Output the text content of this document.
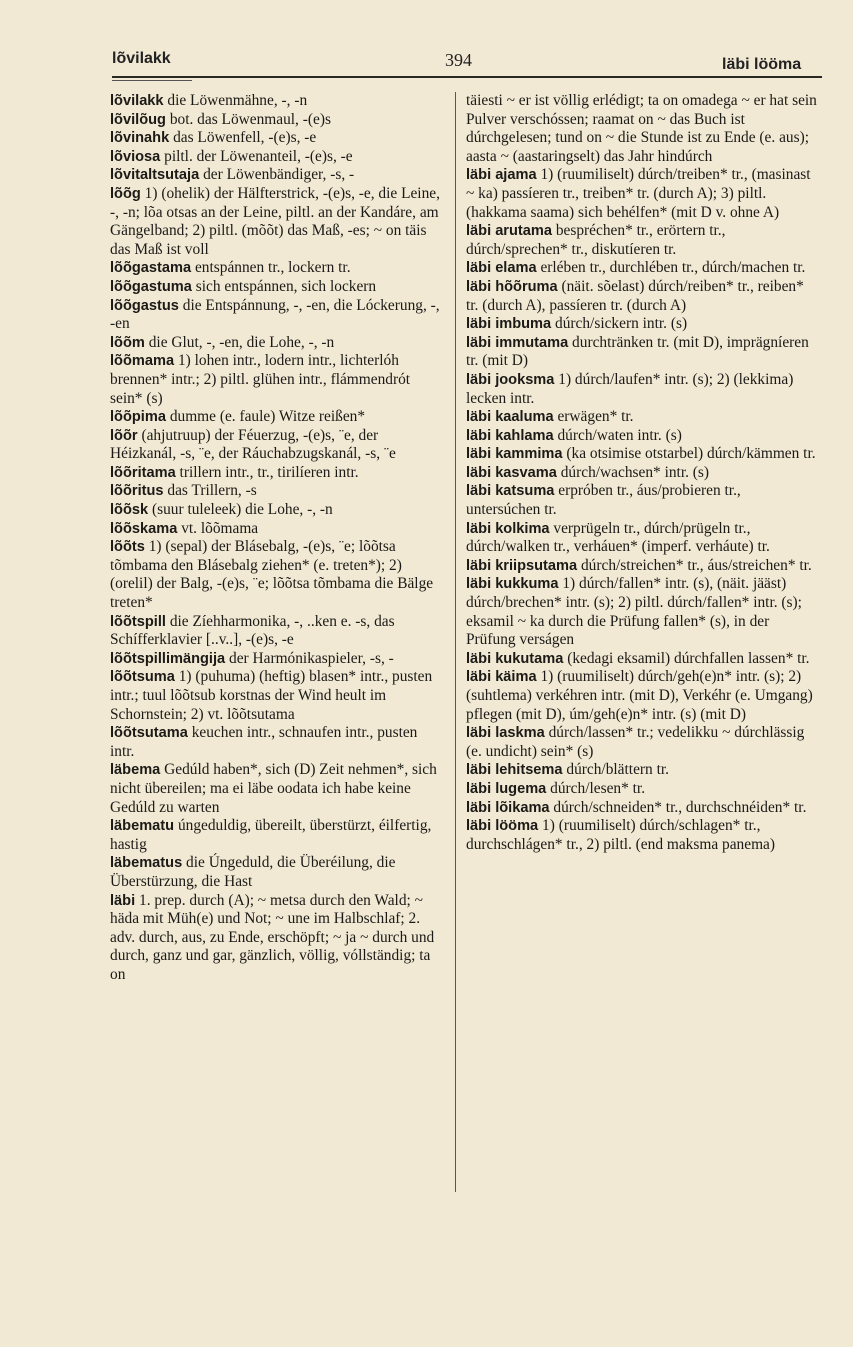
lõvilakk	394	läbi löömа

lõvilakk die Löwenmähne, -, -n

lõvilõug bot. das Löwenmaul, -(e)s

lõvinahk das Löwenfell, -(e)s, -e

lõviosa piltl. der Löwenanteil, -(e)s, -e

lõvitaltsutaja der Löwenbändiger, -s, -

lõõg 1) (ohelik) der Hälfterstrick, -(e)s, -e, die Leine, -, -n; lõa otsas an der Leine, piltl. an der Kandáre, am Gängelband; 2) piltl. (mõõt) das Maß, -es; ~ on täis das Maß ist voll

lõõgastama entspánnen tr., lockern tr.

lõõgastuma sich entspánnen, sich lockern

lõõgastus die Entspánnung, -, -en, die Lóckerung, -, -en

lõõm die Glut, -, -en, die Lohe, -, -n

lõõmama 1) lohen intr., lodern intr., lichterlóh brennen* intr.; 2) piltl. glühen intr., flámmendrót sein* (s)

lõõpima dumme (e. faule) Witze reißen*

lõõr (ahjutruup) der Féuerzug, -(e)s, ¨e, der Héizkanál, -s, ¨e, der Ráuchabzugskanál, -s, ¨e

lõõritama trillern intr., tr., tirilíeren intr.

lõõritus das Trillern, -s

lõõsk (suur tuleleek) die Lohe, -, -n

lõõskama vt. lõõmama

lõõts 1) (sepal) der Blásebalg, -(e)s, ¨e; lõõtsa tõmbama den Blásebalg ziehen* (e. treten*); 2) (orelil) der Balg, -(e)s, ¨e; lõõtsa tõmbama die Bälge treten*

lõõtspill die Zíehharmonika, -, ..ken e. -s, das Schífferklavier [..v..], -(e)s, -e

lõõtspillimängija der Harmónikaspieler, -s, -

lõõtsuma 1) (puhuma) (heftig) blasen* intr., pusten intr.; tuul lõõtsub korstnas der Wind heult im Schornstein; 2) vt. lõõtsutama

lõõtsutama keuchen intr., schnaufen intr., pusten intr.

läbema Gedúld haben*, sich (D) Zeit nehmen*, sich nicht übereilen; ma ei läbe oodata ich habe keine Gedúld zu warten

läbematu úngeduldig, übereilt, überstürzt, éilfertig, hastig

läbematus die Úngeduld, die Überéilung, die Überstürzung, die Hast

läbi 1. prep. durch (A); ~ metsa durch den Wald; ~ häda mit Müh(e) und Not; ~ une im Halbschlaf; 2. adv. durch, aus, zu Ende, erschöpft; ~ ja ~ durch und durch, ganz und gar, gänzlich, völlig, vóllständig; ta on

täiesti ~ er ist völlig erlédigt; ta on omadega ~ er hat sein Pulver verschóssen; raamat on ~ das Buch ist dúrchgelesen; tund on ~ die Stunde ist zu Ende (e. aus); aasta ~ (aastaringselt) das Jahr hindúrch

läbi ajama 1) (ruumiliselt) dúrch/treiben* tr., (masinast ~ ka) passíeren tr., treiben* tr. (durch A); 3) piltl. (hakkama saama) sich behélfen* (mit D v. ohne A)

läbi arutama bespréchen* tr., erörtern tr., dúrch/sprechen* tr., diskutíeren tr.

läbi elama erlében tr., durchlében tr., dúrch/machen tr.

läbi hõõruma (näit. sõelast) dúrch/reiben* tr., reiben* tr. (durch A), passíeren tr. (durch A)

läbi imbuma dúrch/sickern intr. (s)

läbi immutama durchtränken tr. (mit D), imprägníeren tr. (mit D)

läbi jooksma 1) dúrch/laufen* intr. (s); 2) (lekkima) lecken intr.

läbi kaaluma erwägen* tr.

läbi kahlama dúrch/waten intr. (s)

läbi kammima (ka otsimise otstarbel) dúrch/kämmen tr.

läbi kasvama dúrch/wachsen* intr. (s)

läbi katsuma erpróben tr., áus/probieren tr., untersúchen tr.

läbi kolkima verprügeln tr., dúrch/prügeln tr., dúrch/walken tr., verháuen* (imperf. verháute) tr.

läbi kriipsutama dúrch/streichen* tr., áus/streichen* tr.

läbi kukkuma 1) dúrch/fallen* intr. (s), (näit. jääst) dúrch/brechen* intr. (s); 2) piltl. dúrch/fallen* intr. (s); eksamil ~ ka durch die Prüfung fallen* (s), in der Prüfung verságen

läbi kukutama (kedagi eksamil) dúrchfallen lassen* tr.

läbi käima 1) (ruumiliselt) dúrch/geh(e)n* intr. (s); 2) (suhtlema) verkéhren intr. (mit D), Verkéhr (e. Umgang) pflegen (mit D), úm/geh(e)n* intr. (s) (mit D)

läbi laskma dúrch/lassen* tr.; vedelikku ~ dúrchlässig (e. undicht) sein* (s)

läbi lehitsema dúrch/blättern tr.

läbi lugema dúrch/lesen* tr.

läbi lõikama dúrch/schneiden* tr., durchschnéiden* tr.

läbi lööma 1) (ruumiliselt) dúrch/schlagen* tr., durchschlágen* tr., 2) piltl. (end maksma panema)
